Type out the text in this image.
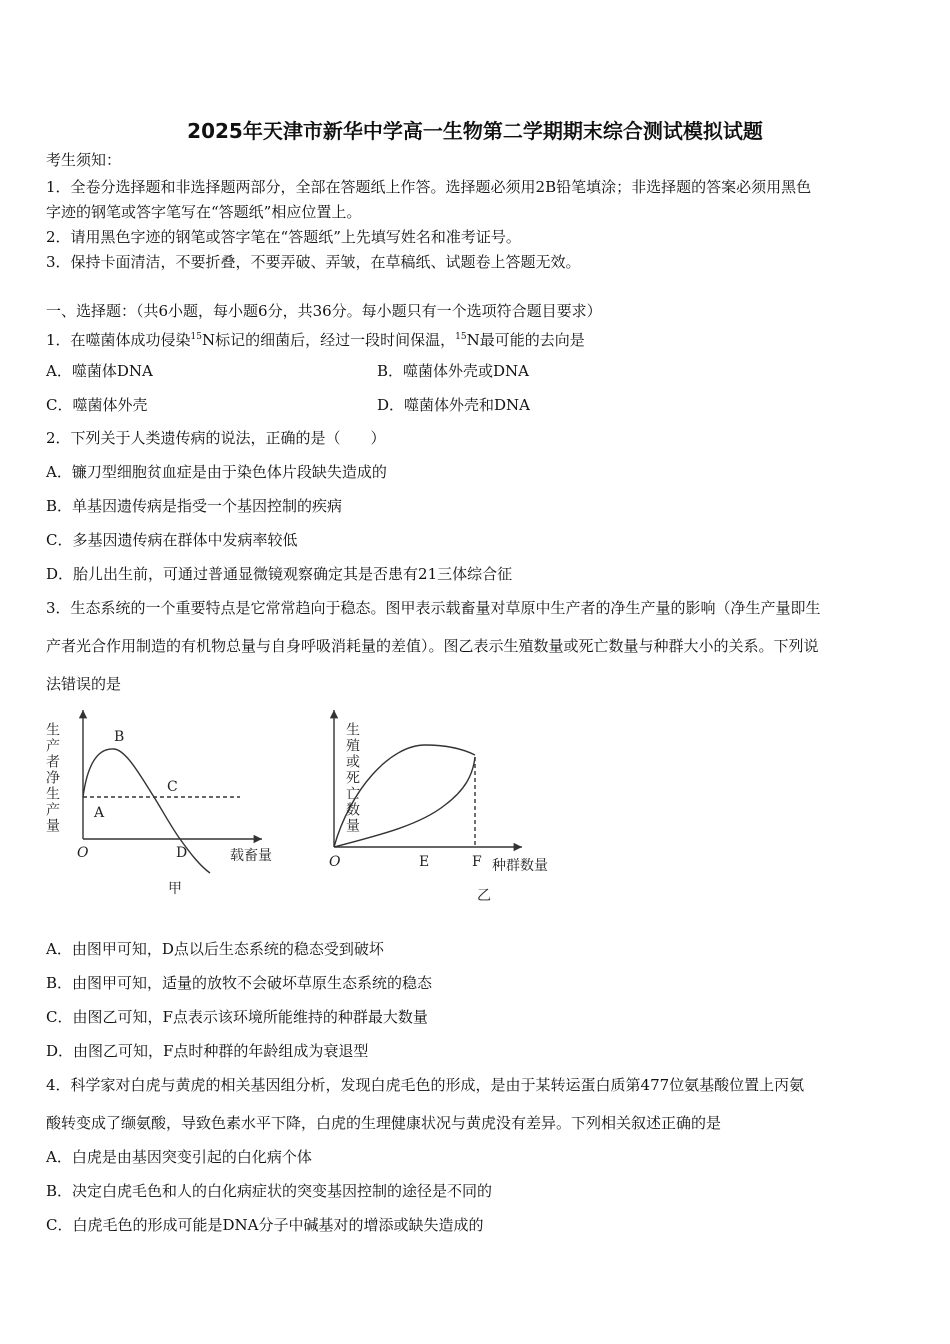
2025年天津市新华中学高一生物第二学期期末综合测试模拟试题
考生须知：
1．全卷分选择题和非选择题两部分，全部在答题纸上作答。选择题必须用2B铅笔填涂；非选择题的答案必须用黑色
字迹的钢笔或答字笔写在“答题纸”相应位置上。
2．请用黑色字迹的钢笔或答字笔在“答题纸”上先填写姓名和准考证号。
3．保持卡面清洁，不要折叠，不要弄破、弄皱，在草稿纸、试题卷上答题无效。
一、选择题：（共6小题，每小题6分，共36分。每小题只有一个选项符合题目要求）
1．在噬菌体成功侵染$^{15}$N标记的细菌后，经过一段时间保温，$^{15}$N最可能的去向是
A．噬菌体DNA	B．噬菌体外壳或DNA
C．噬菌体外壳	D．噬菌体外壳和DNA
2．下列关于人类遗传病的说法，正确的是（　　）
A．镰刀型细胞贫血症是由于染色体片段缺失造成的
B．单基因遗传病是指受一个基因控制的疾病
C．多基因遗传病在群体中发病率较低
D．胎儿出生前，可通过普通显微镜观察确定其是否患有21三体综合征
3．生态系统的一个重要特点是它常常趋向于稳态。图甲表示载畜量对草原中生产者的净生产量的影响（净生产量即生
产者光合作用制造的有机物总量与自身呼吸消耗量的差值）。图乙表示生殖数量或死亡数量与种群大小的关系。下列说
法错误的是
生产者净生产量 A
B
C
D
O	载畜量
甲
生殖或死亡数量
O	E	F 种群数量
乙
A．由图甲可知，D点以后生态系统的稳态受到破坏
B．由图甲可知，适量的放牧不会破坏草原生态系统的稳态
C．由图乙可知，F点表示该环境所能维持的种群最大数量
D．由图乙可知，F点时种群的年龄组成为衰退型
4．科学家对白虎与黄虎的相关基因组分析，发现白虎毛色的形成，是由于某转运蛋白质第477位氨基酸位置上丙氨
酸转变成了缬氨酸，导致色素水平下降，白虎的生理健康状况与黄虎没有差异。下列相关叙述正确的是
A．白虎是由基因突变引起的白化病个体
B．决定白虎毛色和人的白化病症状的突变基因控制的途径是不同的
C．白虎毛色的形成可能是DNA分子中碱基对的增添或缺失造成的
